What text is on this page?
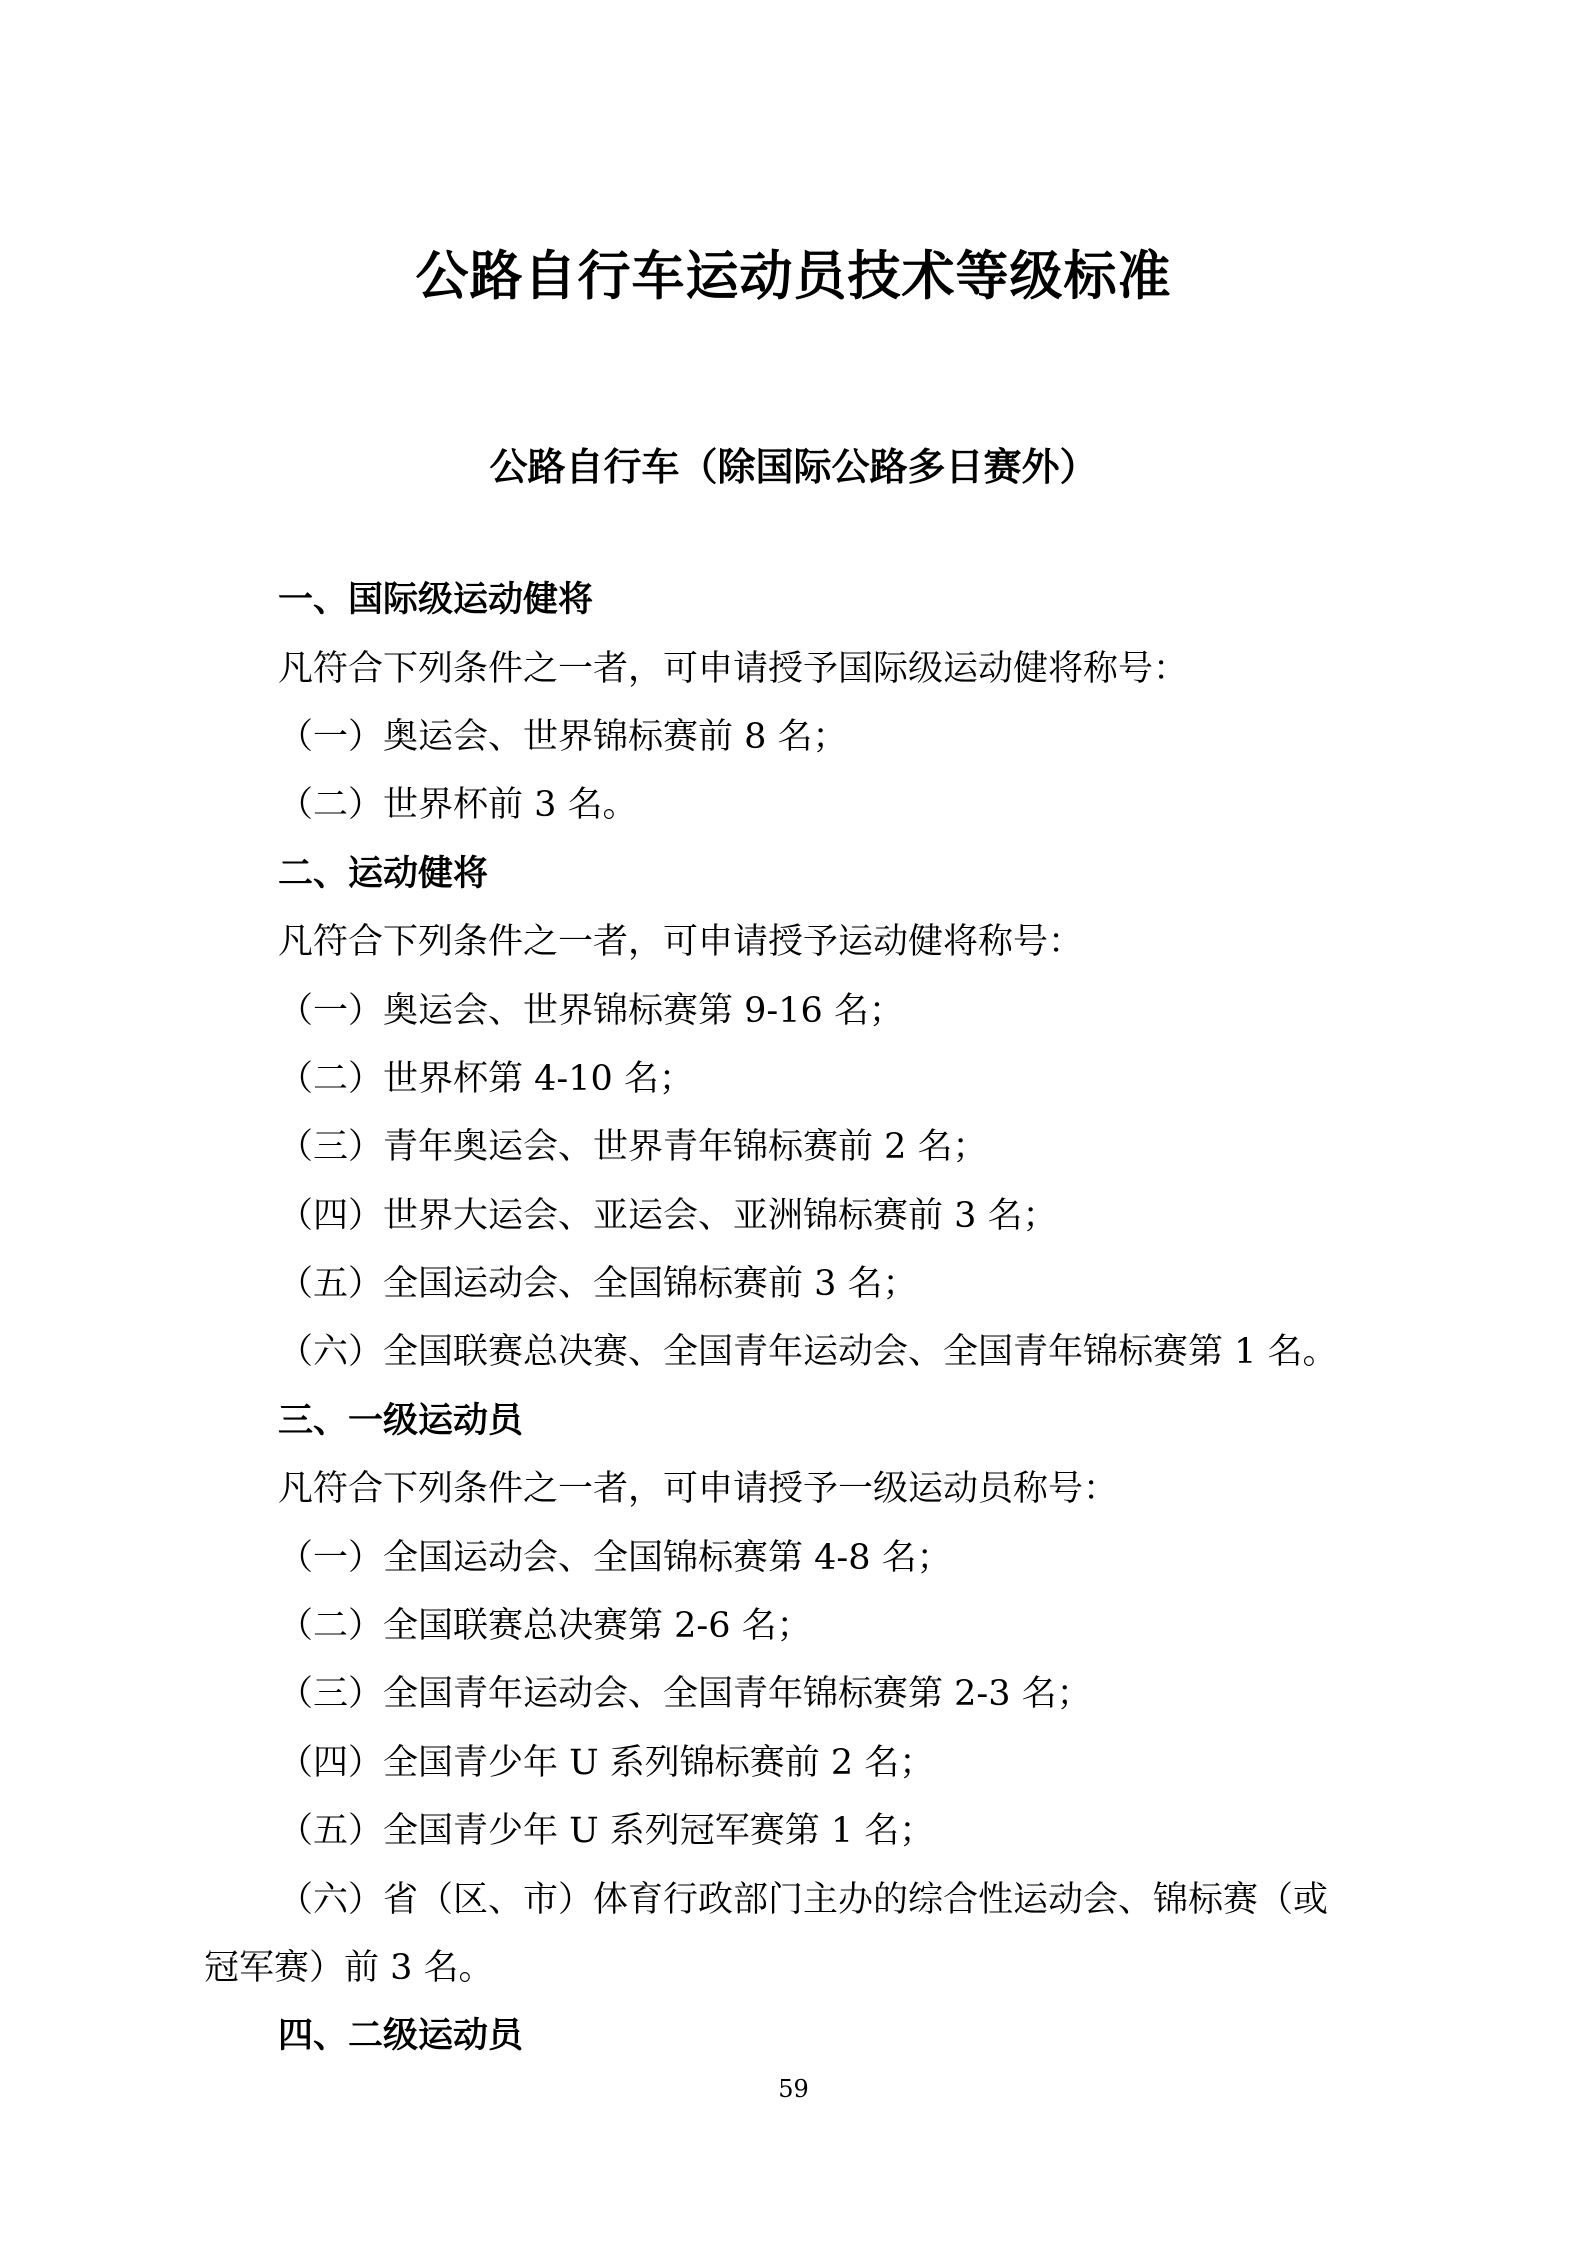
公路自行车运动员技术等级标准
公路自行车（除国际公路多日赛外）
一、国际级运动健将
凡符合下列条件之一者，可申请授予国际级运动健将称号：
（一）奥运会、世界锦标赛前 8 名；
（二）世界杯前 3 名。
二、运动健将
凡符合下列条件之一者，可申请授予运动健将称号：
（一）奥运会、世界锦标赛第 9-16 名；
（二）世界杯第 4-10 名；
（三）青年奥运会、世界青年锦标赛前 2 名；
（四）世界大运会、亚运会、亚洲锦标赛前 3 名；
（五）全国运动会、全国锦标赛前 3 名；
（六）全国联赛总决赛、全国青年运动会、全国青年锦标赛第 1 名。
三、一级运动员
凡符合下列条件之一者，可申请授予一级运动员称号：
（一）全国运动会、全国锦标赛第 4-8 名；
（二）全国联赛总决赛第 2-6 名；
（三）全国青年运动会、全国青年锦标赛第 2-3 名；
（四）全国青少年 U 系列锦标赛前 2 名；
（五）全国青少年 U 系列冠军赛第 1 名；
（六）省（区、市）体育行政部门主办的综合性运动会、锦标赛（或
冠军赛）前 3 名。
四、二级运动员
59
